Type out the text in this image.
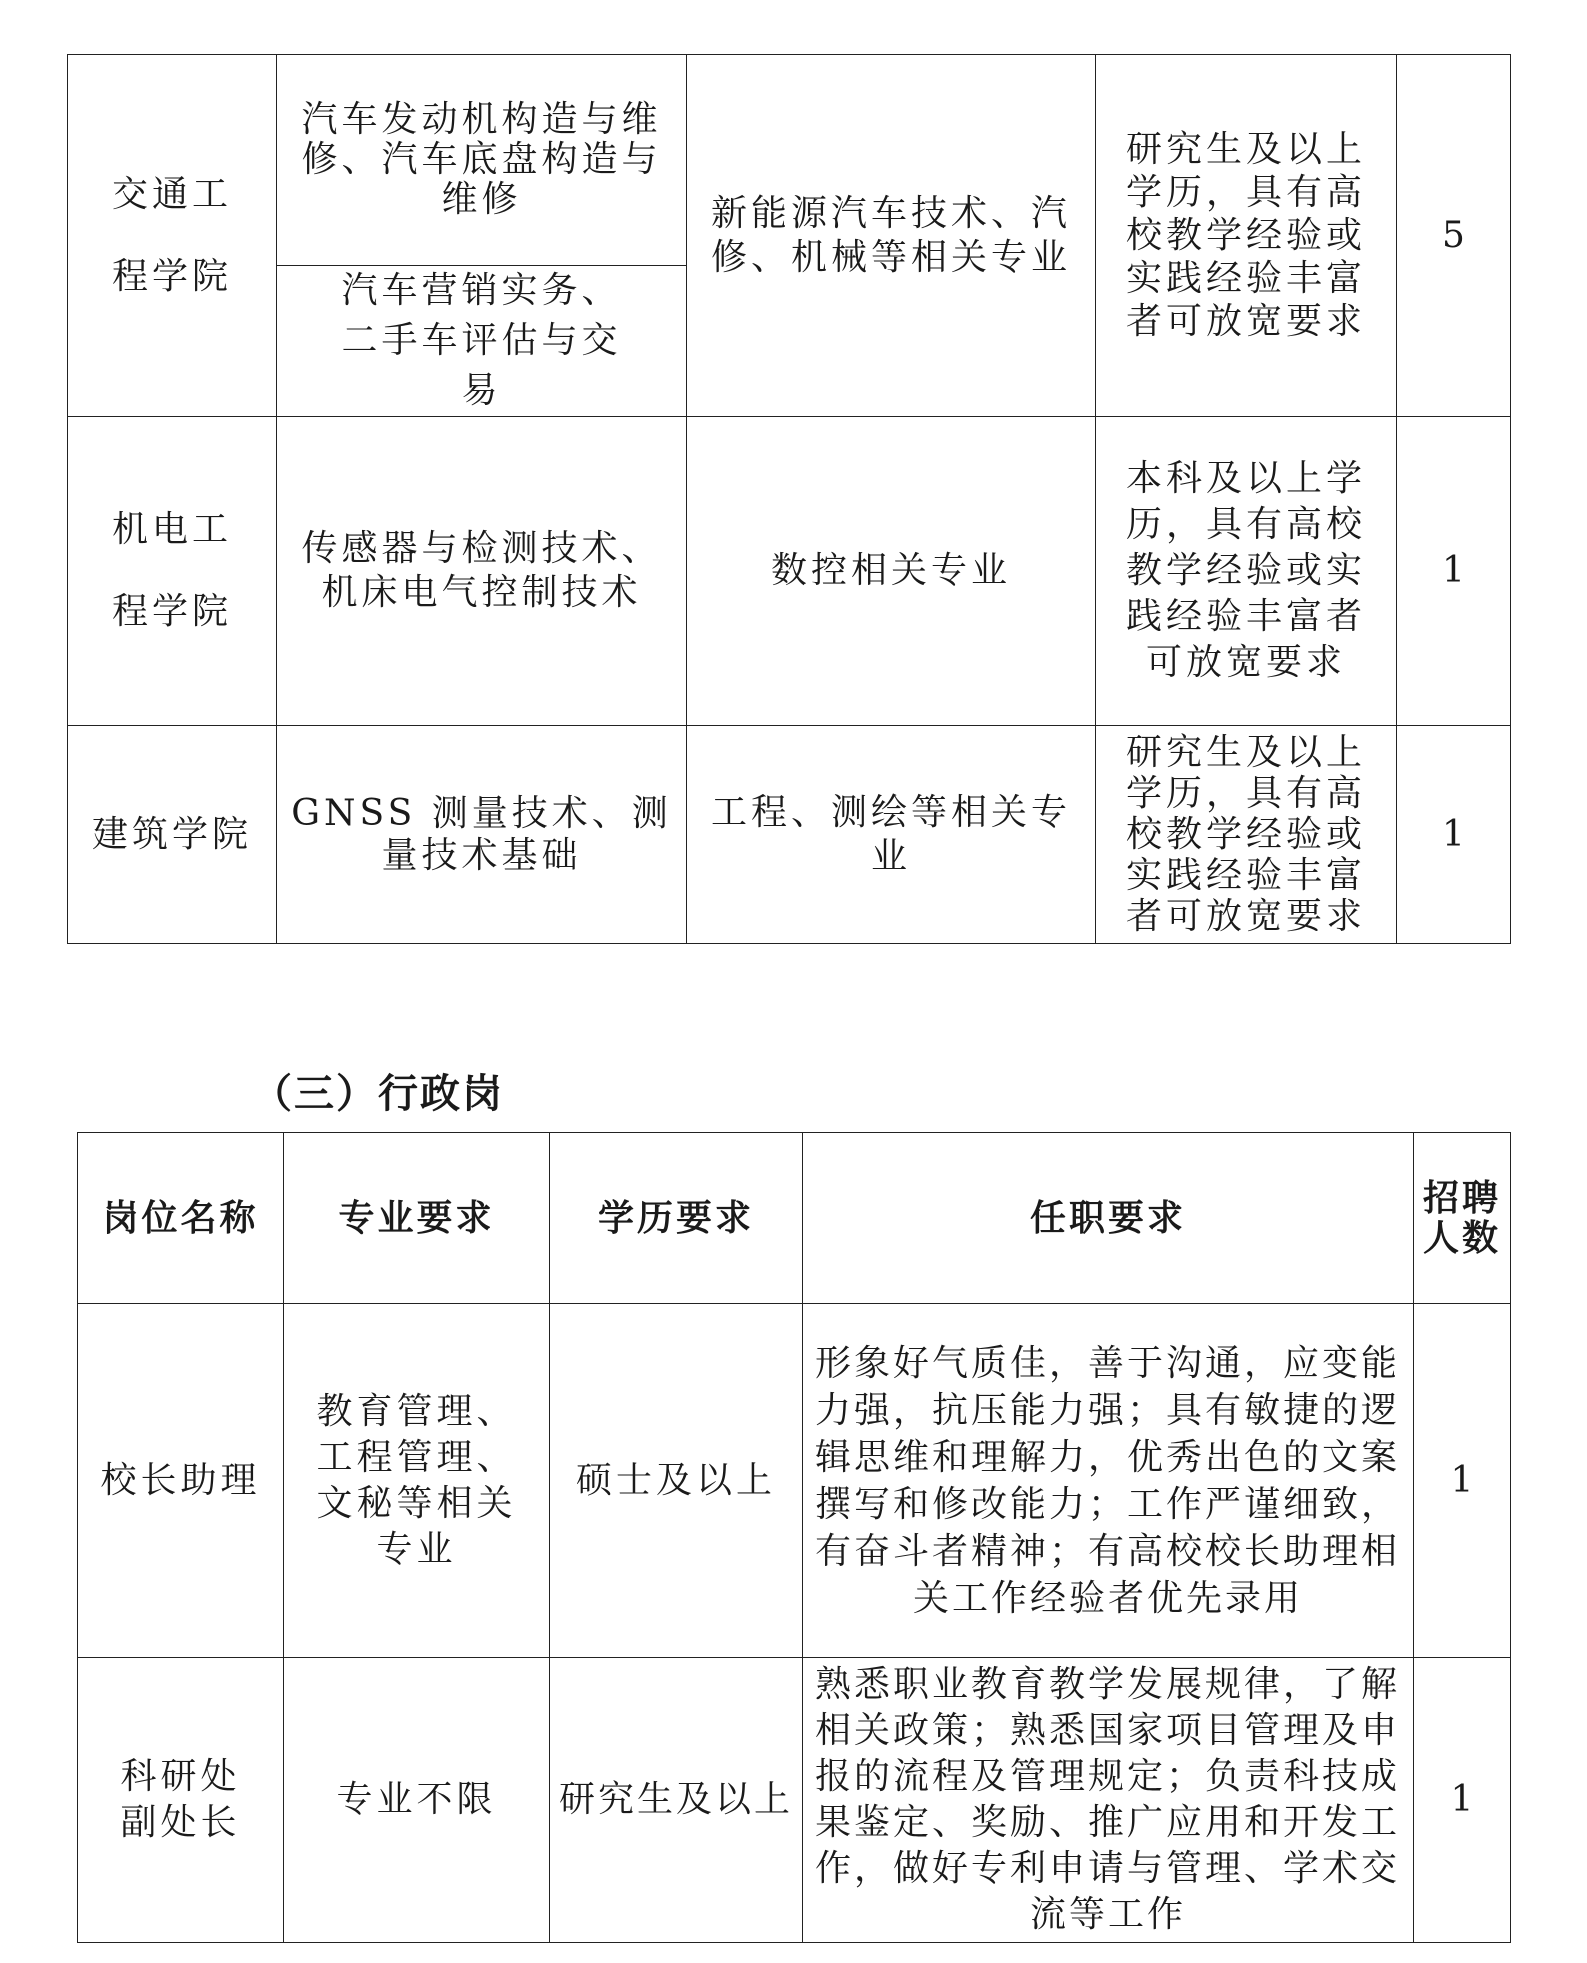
交通工程学院	汽车发动机构造与维修、汽车底盘构造与维修	新能源汽车技术、汽修、机械等相关专业	研究生及以上学历，具有高校教学经验或实践经验丰富者可放宽要求	5
	汽车营销实务、二手车评估与交易			
机电工程学院	传感器与检测技术、机床电气控制技术	数控相关专业	本科及以上学历，具有高校教学经验或实践经验丰富者可放宽要求	1
建筑学院	GNSS 测量技术、测量技术基础	工程、测绘等相关专业	研究生及以上学历，具有高校教学经验或实践经验丰富者可放宽要求	1
（三）行政岗
岗位名称	专业要求	学历要求	任职要求	招聘人数
校长助理	教育管理、工程管理、文秘等相关专业	硕士及以上	形象好气质佳，善于沟通，应变能力强，抗压能力强；具有敏捷的逻辑思维和理解力，优秀出色的文案撰写和修改能力；工作严谨细致，有奋斗者精神；有高校校长助理相关工作经验者优先录用	1
科研处副处长	专业不限	研究生及以上	熟悉职业教育教学发展规律，了解相关政策；熟悉国家项目管理及申报的流程及管理规定；负责科技成果鉴定、奖励、推广应用和开发工作，做好专利申请与管理、学术交流等工作	1
